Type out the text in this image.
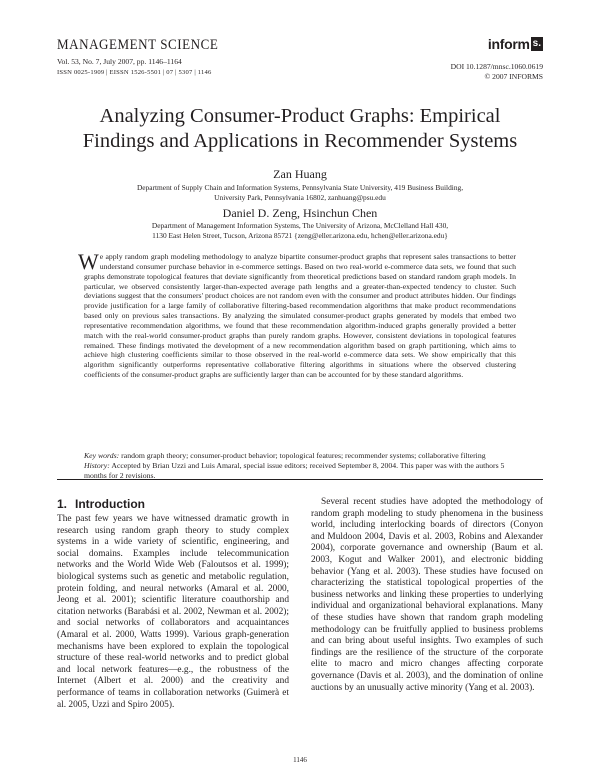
MANAGEMENT SCIENCE
Vol. 53, No. 7, July 2007, pp. 1146–1164
ISSN 0025-1909 | EISSN 1526-5501 | 07 | 5307 | 1146
inform s.
DOI 10.1287/mnsc.1060.0619
© 2007 INFORMS
Analyzing Consumer-Product Graphs: Empirical
Findings and Applications in Recommender Systems
Zan Huang
Department of Supply Chain and Information Systems, Pennsylvania State University, 419 Business Building,
University Park, Pennsylvania 16802, zanhuang@psu.edu
Daniel D. Zeng, Hsinchun Chen
Department of Management Information Systems, The University of Arizona, McClelland Hall 430,
1130 East Helen Street, Tucson, Arizona 85721 {zeng@eller.arizona.edu, hchen@eller.arizona.edu}
We apply random graph modeling methodology to analyze bipartite consumer-product graphs that represent sales transactions to better understand consumer purchase behavior in e-commerce settings. Based on two real-world e-commerce data sets, we found that such graphs demonstrate topological features that deviate significantly from theoretical predictions based on standard random graph models. In particular, we observed consistently larger-than-expected average path lengths and a greater-than-expected tendency to cluster. Such deviations suggest that the consumers' product choices are not random even with the consumer and product attributes hidden. Our findings provide justification for a large family of collaborative filtering-based recommendation algorithms that make product recommendations based only on previous sales transactions. By analyzing the simulated consumer-product graphs generated by models that embed two representative recommendation algorithms, we found that these recommendation algorithm-induced graphs generally provided a better match with the real-world consumer-product graphs than purely random graphs. However, consistent deviations in topological features remained. These findings motivated the development of a new recommendation algorithm based on graph partitioning, which aims to achieve high clustering coefficients similar to those observed in the real-world e-commerce data sets. We show empirically that this algorithm significantly outperforms representative collaborative filtering algorithms in situations where the observed clustering coefficients of the consumer-product graphs are sufficiently larger than can be accounted for by these standard algorithms.

Key words: random graph theory; consumer-product behavior; topological features; recommender systems; collaborative filtering

History: Accepted by Brian Uzzi and Luis Amaral, special issue editors; received September 8, 2004. This paper was with the authors 5 months for 2 revisions.

1. Introduction

The past few years we have witnessed dramatic growth in research using random graph theory to study complex systems in a wide variety of scientific, engineering, and social domains. Examples include telecommunication networks and the World Wide Web (Faloutsos et al. 1999); biological systems such as genetic and metabolic regulation, protein folding, and neural networks (Amaral et al. 2000, Jeong et al. 2001); scientific literature coauthorship and citation networks (Barabási et al. 2002, Newman et al. 2002); and social networks of collaborators and acquaintances (Amaral et al. 2000, Watts 1999). Various graph-generation mechanisms have been explored to explain the topological structure of these real-world networks and to predict global and local network features—e.g., the robustness of the Internet (Albert et al. 2000) and the creativity and performance of teams in collaboration networks (Guimerà et al. 2005, Uzzi and Spiro 2005).

Several recent studies have adopted the methodology of random graph modeling to study phenomena in the business world, including interlocking boards of directors (Conyon and Muldoon 2004, Davis et al. 2003, Robins and Alexander 2004), corporate governance and ownership (Baum et al. 2003, Kogut and Walker 2001), and electronic bidding behavior (Yang et al. 2003). These studies have focused on characterizing the statistical topological properties of the business networks and linking these properties to underlying individual and organizational behavioral explanations. Many of these studies have shown that random graph modeling methodology can be fruitfully applied to business problems and can bring about useful insights. Two examples of such findings are the resilience of the structure of the corporate elite to macro and micro changes affecting corporate governance (Davis et al. 2003), and the domination of online auctions by an unusually active minority (Yang et al. 2003).

1146
